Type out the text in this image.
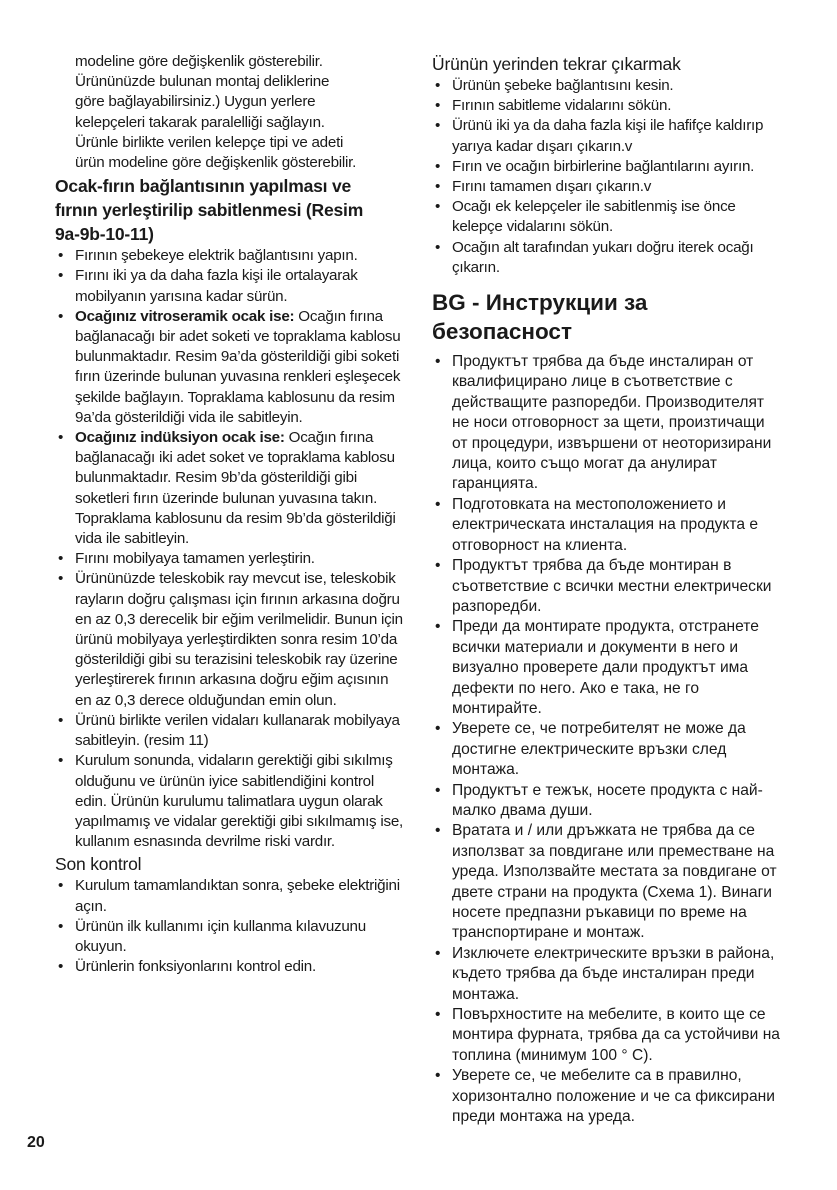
modeline göre değişkenlik gösterebilir.
Ürününüzde bulunan montaj deliklerine
göre bağlayabilirsiniz.) Uygun yerlere
kelepçeleri takarak paralelliği sağlayın.
Ürünle birlikte verilen kelepçe tipi ve adeti
ürün modeline göre değişkenlik gösterebilir.

Ocak-fırın bağlantısının yapılması ve
fırnın yerleştirilip sabitlenmesi (Resim
9a-9b-10-11)
• Fırının şebekeye elektrik bağlantısını yapın.
• Fırını iki ya da daha fazla kişi ile ortalayarak mobilyanın yarısına kadar sürün.
• Ocağınız vitroseramik ocak ise: Ocağın fırına bağlanacağı bir adet soketi ve topraklama kablosu bulunmaktadır. Resim 9a’da gösterildiği gibi soketi fırın üzerinde bulunan yuvasına renkleri eşleşecek şekilde bağlayın. Topraklama kablosunu da resim 9a’da gösterildiği vida ile sabitleyin.
• Ocağınız indüksiyon ocak ise: Ocağın fırına bağlanacağı iki adet soket ve topraklama kablosu bulunmaktadır. Resim 9b’da gösterildiği gibi soketleri fırın üzerinde bulunan yuvasına takın. Topraklama kablosunu da resim 9b’da gösterildiği vida ile sabitleyin.
• Fırını mobilyaya tamamen yerleştirin.
• Ürününüzde teleskobik ray mevcut ise, teleskobik rayların doğru çalışması için fırının arkasına doğru en az 0,3 derecelik bir eğim verilmelidir. Bunun için ürünü mobilyaya yerleştirdikten sonra resim 10’da gösterildiği gibi su terazisini teleskobik ray üzerine yerleştirerek fırının arkasına doğru eğim açısının en az 0,3 derece olduğundan emin olun.
• Ürünü birlikte verilen vidaları kullanarak mobilyaya sabitleyin. (resim 11)
• Kurulum sonunda, vidaların gerektiği gibi sıkılmış olduğunu ve ürünün iyice sabitlendiğini kontrol edin. Ürünün kurulumu talimatlara uygun olarak yapılmamış ve vidalar gerektiği gibi sıkılmamış ise, kullanım esnasında devrilme riski vardır.
Son kontrol
• Kurulum tamamlandıktan sonra, şebeke elektriğini açın.
• Ürünün ilk kullanımı için kullanma kılavuzunu okuyun.
• Ürünlerin fonksiyonlarını kontrol edin.
Ürünün yerinden tekrar çıkarmak
• Ürünün şebeke bağlantısını kesin.
• Fırının sabitleme vidalarını sökün.
• Ürünü iki ya da daha fazla kişi ile hafifçe kaldırıp yarıya kadar dışarı çıkarın.v
• Fırın ve ocağın birbirlerine bağlantılarını ayırın.
• Fırını tamamen dışarı çıkarın.v
• Ocağı ek kelepçeler ile sabitlenmiş ise önce kelepçe vidalarını sökün.
• Ocağın alt tarafından yukarı doğru iterek ocağı çıkarın.
BG - Инструкции за
безопасност
• Продуктът трябва да бъде инсталиран от квалифицирано лице в съответствие с действащите разпоредби. Производителят не носи отговорност за щети, произтичащи от процедури, извършени от неоторизирани лица, които също могат да анулират гаранцията.
• Подготовката на местоположението и електрическата инсталация на продукта е отговорност на клиента.
• Продуктът трябва да бъде монтиран в съответствие с всички местни електрически разпоредби.
• Преди да монтирате продукта, отстранете всички материали и документи в него и визуално проверете дали продуктът има дефекти по него. Ако е така, не го монтирайте.
• Уверете се, че потребителят не може да достигне електрическите връзки след монтажа.
• Продуктът е тежък, носете продукта с най-малко двама души.
• Вратата и / или дръжката не трябва да се използват за повдигане или преместване на уреда. Използвайте местата за повдигане от двете страни на продукта (Схема 1). Винаги носете предпазни ръкавици по време на транспортиране и монтаж.
• Изключете електрическите връзки в района, където трябва да бъде инсталиран преди монтажа.
• Повърхностите на мебелите, в които ще се монтира фурната, трябва да са устойчиви на топлина (минимум 100 ° C).
• Уверете се, че мебелите са в правилно, хоризонтално положение и че са фиксирани преди монтажа на уреда.
20
